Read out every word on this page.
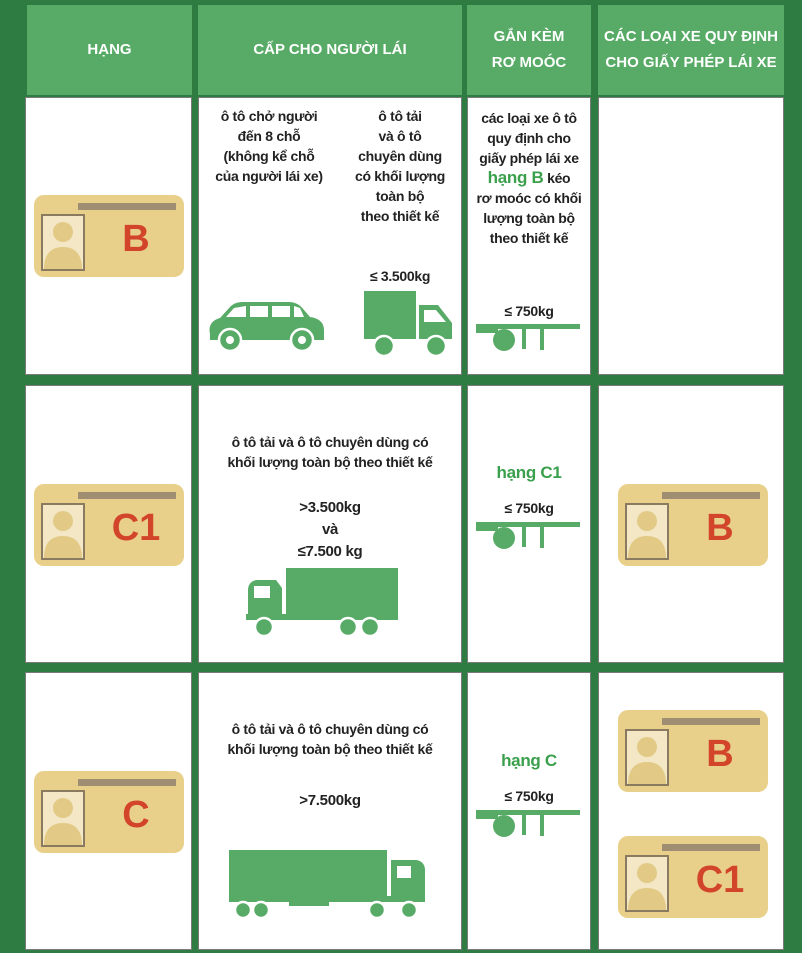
HẠNG	CẤP CHO NGƯỜI LÁI
GẮN KÈM
RƠ MOÓC
CÁC LOẠI XE QUY ĐỊNH
CHO GIẤY PHÉP LÁI XE
B
ô tô chở người
đến 8 chỗ
(không kể chỗ
của người lái xe)
ô tô tải
và ô tô
chuyên dùng
có khối lượng
toàn bộ
theo thiết kế
≤ 3.500kg
các loại xe ô tô
quy định cho
giấy phép lái xe
hạng B kéo
rơ moóc có khối
lượng toàn bộ
theo thiết kế
≤ 750kg
C1
ô tô tải và ô tô chuyên dùng có
khối lượng toàn bộ theo thiết kế
>3.500kg
và
≤7.500 kg
hạng C1
≤ 750kg	B
C
ô tô tải và ô tô chuyên dùng có
khối lượng toàn bộ theo thiết kế
>7.500kg
hạng C
≤ 750kg
B
C1
